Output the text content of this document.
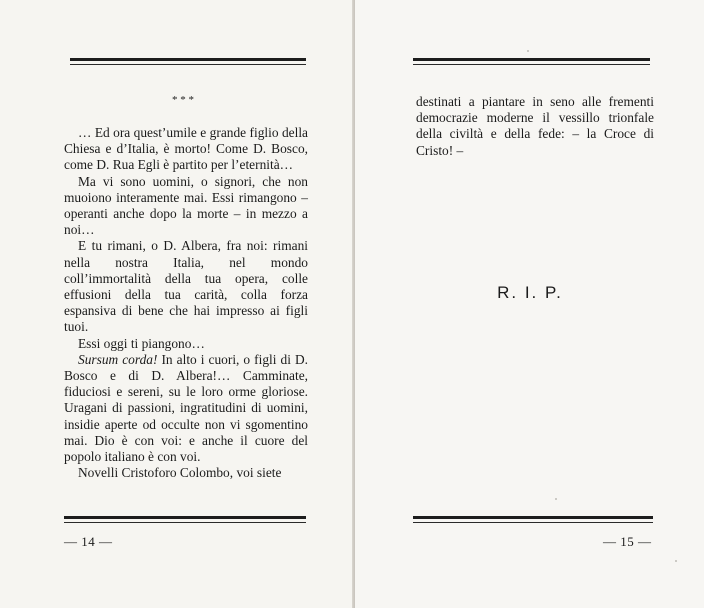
* * *

… Ed ora quest’umile e grande figlio della Chiesa e d’Italia, è morto! Come D. Bosco, come D. Rua Egli è partito per l’eternità…

Ma vi sono uomini, o signori, che non muoiono interamente mai. Essi rimangono – operanti anche dopo la morte – in mezzo a noi…

E tu rimani, o D. Albera, fra noi: rimani nella nostra Italia, nel mondo coll’immortalità della tua opera, colle effusioni della tua carità, colla forza espansiva di bene che hai impresso ai figli tuoi.

Essi oggi ti piangono…

Sursum corda! In alto i cuori, o figli di D. Bosco e di D. Albera!… Camminate, fiduciosi e sereni, su le loro orme gloriose. Uragani di passioni, ingratitudini di uomini, insidie aperte od occulte non vi sgomentino mai. Dio è con voi: e anche il cuore del popolo italiano è con voi.

Novelli Cristoforo Colombo, voi siete

— 14 —

destinati a piantare in seno alle frementi democrazie moderne il vessillo trionfale della civiltà e della fede: – la Croce di Cristo! –

R. I. P.
— 15 —
